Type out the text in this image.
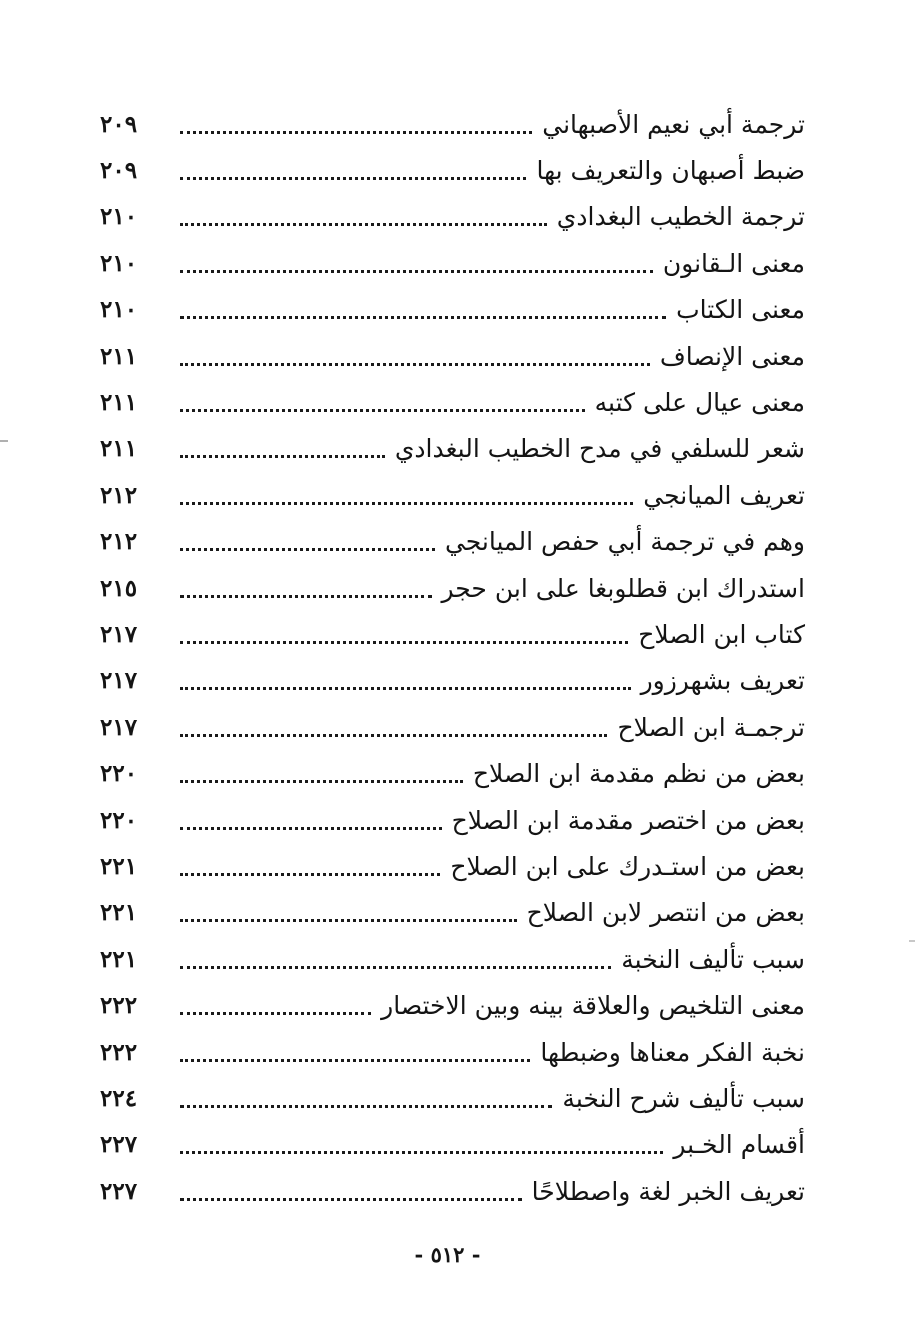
ترجمة أبي نعيم الأصبهاني
٢٠٩
ضبط أصبهان والتعريف بها
٢٠٩
ترجمة الخطيب البغدادي
٢١٠
معنى الـقانون
٢١٠
معنى الكتاب
٢١٠
معنى الإنصاف
٢١١
معنى عيال على كتبه
٢١١
شعر للسلفي في مدح الخطيب البغدادي
٢١١
تعريف الميانجي
٢١٢
وهم في ترجمة أبي حفص الميانجي
٢١٢
استدراك ابن قطلوبغا على ابن حجر
٢١٥
كتاب ابن الصلاح
٢١٧
تعريف بشهرزور
٢١٧
ترجمـة ابن الصلاح
٢١٧
بعض من نظم مقدمة ابن الصلاح
٢٢٠
بعض من اختصر مقدمة ابن الصلاح
٢٢٠
بعض من استـدرك على ابن الصلاح
٢٢١
بعض من انتصر لابن الصلاح
٢٢١
سبب تأليف النخبة
٢٢١
معنى التلخيص والعلاقة بينه وبين الاختصار
٢٢٢
نخبة الفكر معناها وضبطها
٢٢٢
سبب تأليف شرح النخبة
٢٢٤
أقسام الخـبر
٢٢٧
تعريف الخبر لغة واصطلاحًا
٢٢٧
- ٥١٢ -
